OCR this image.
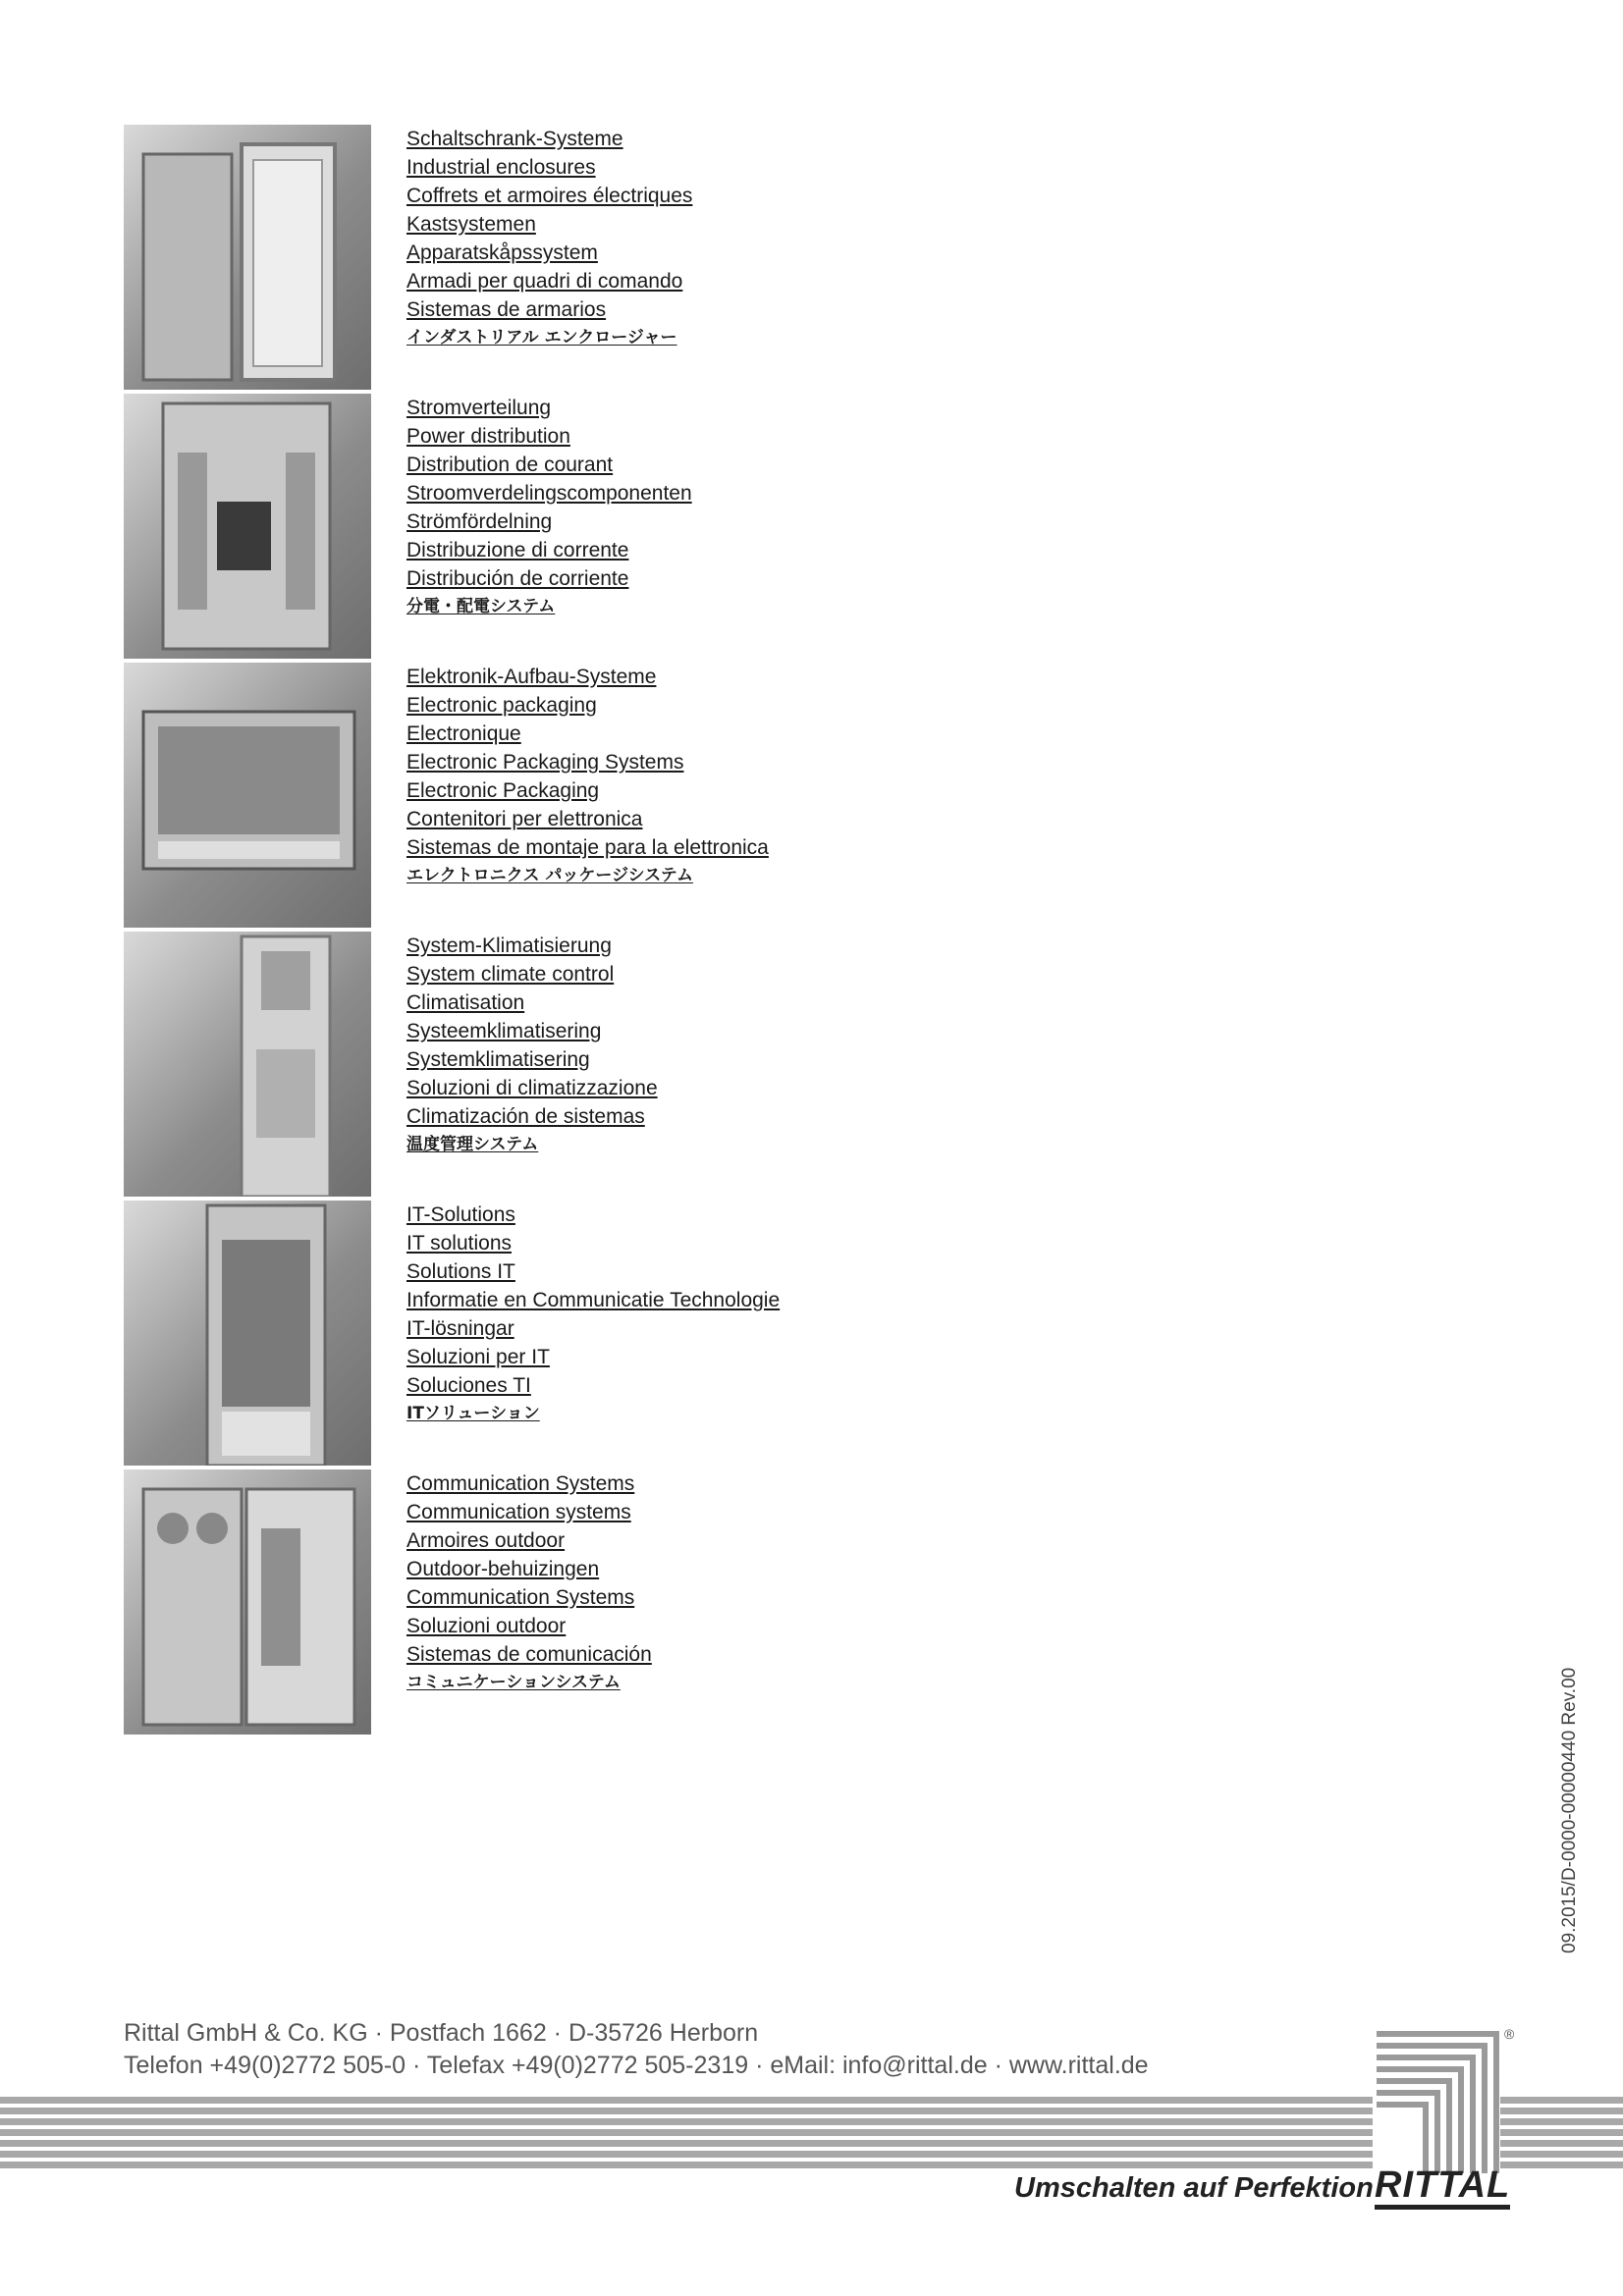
Schaltschrank-Systeme
Industrial enclosures
Coffrets et armoires électriques
Kastsystemen
Apparatskåpssystem
Armadi per quadri di comando
Sistemas de armarios
インダストリアル エンクロージャー
Stromverteilung
Power distribution
Distribution de courant
Stroomverdelingscomponenten
Strömfördelning
Distribuzione di corrente
Distribución de corriente
分電・配電システム
Elektronik-Aufbau-Systeme
Electronic packaging
Electronique
Electronic Packaging Systems
Electronic Packaging
Contenitori per elettronica
Sistemas de montaje para la elettronica
エレクトロニクス パッケージシステム
System-Klimatisierung
System climate control
Climatisation
Systeemklimatisering
Systemklimatisering
Soluzioni di climatizzazione
Climatización de sistemas
温度管理システム
IT-Solutions
IT solutions
Solutions IT
Informatie en Communicatie Technologie
IT-lösningar
Soluzioni per IT
Soluciones TI
ITソリューション
Communication Systems
Communication systems
Armoires outdoor
Outdoor-behuizingen
Communication Systems
Soluzioni outdoor
Sistemas de comunicación
コミュニケーションシステム	09.2015/D-0000-00000440 Rev.00
Rittal GmbH & Co. KG · Postfach 1662 · D-35726 Herborn
Telefon +49(0)2772 505-0 · Telefax +49(0)2772 505-2319 · eMail: info@rittal.de · www.rittal.de
®
Umschalten auf Perfektion RITTAL
